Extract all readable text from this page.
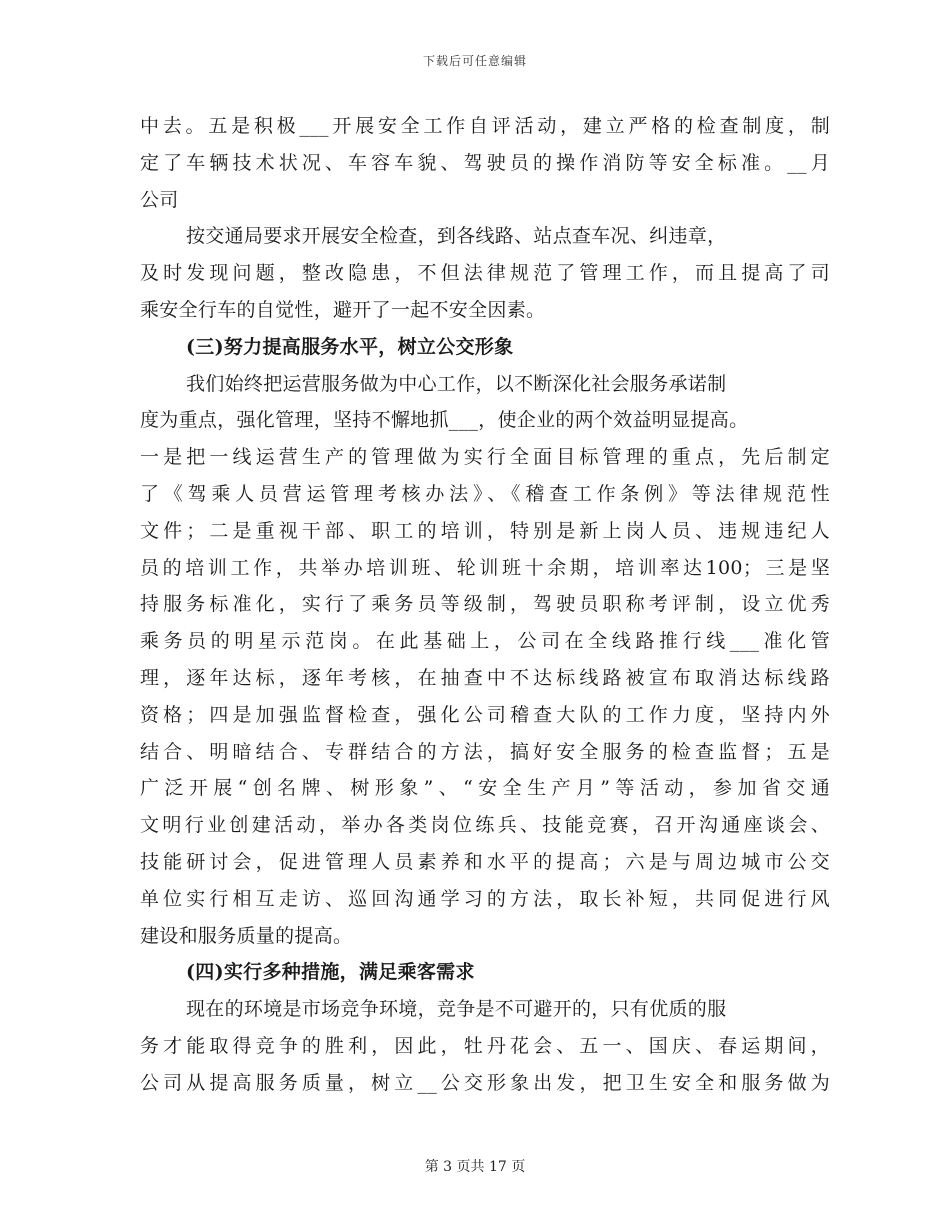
下载后可任意编辑
中去。五是积极___开展安全工作自评活动，建立严格的检查制度，制
定了车辆技术状况、车容车貌、驾驶员的操作消防等安全标准。__月
公司
按交通局要求开展安全检查，到各线路、站点查车况、纠违章，
及时发现问题，整改隐患，不但法律规范了管理工作，而且提高了司
乘安全行车的自觉性，避开了一起不安全因素。
(三)努力提高服务水平，树立公交形象
我们始终把运营服务做为中心工作，以不断深化社会服务承诺制
度为重点，强化管理，坚持不懈地抓___，使企业的两个效益明显提高。
一是把一线运营生产的管理做为实行全面目标管理的重点，先后制定
了《驾乘人员营运管理考核办法》、《稽查工作条例》等法律规范性
文件；二是重视干部、职工的培训，特别是新上岗人员、违规违纪人
员的培训工作，共举办培训班、轮训班十余期，培训率达100；三是坚
持服务标准化，实行了乘务员等级制，驾驶员职称考评制，设立优秀
乘务员的明星示范岗。在此基础上，公司在全线路推行线___准化管
理，逐年达标，逐年考核，在抽查中不达标线路被宣布取消达标线路
资格；四是加强监督检查，强化公司稽查大队的工作力度，坚持内外
结合、明暗结合、专群结合的方法，搞好安全服务的检查监督；五是
广泛开展“创名牌、树形象”、“安全生产月”等活动，参加省交通
文明行业创建活动，举办各类岗位练兵、技能竞赛，召开沟通座谈会、
技能研讨会，促进管理人员素养和水平的提高；六是与周边城市公交
单位实行相互走访、巡回沟通学习的方法，取长补短，共同促进行风
建设和服务质量的提高。
(四)实行多种措施，满足乘客需求
现在的环境是市场竞争环境，竞争是不可避开的，只有优质的服
务才能取得竞争的胜利，因此，牡丹花会、五一、国庆、春运期间，
公司从提高服务质量，树立__公交形象出发，把卫生安全和服务做为
第 3 页共 17 页
